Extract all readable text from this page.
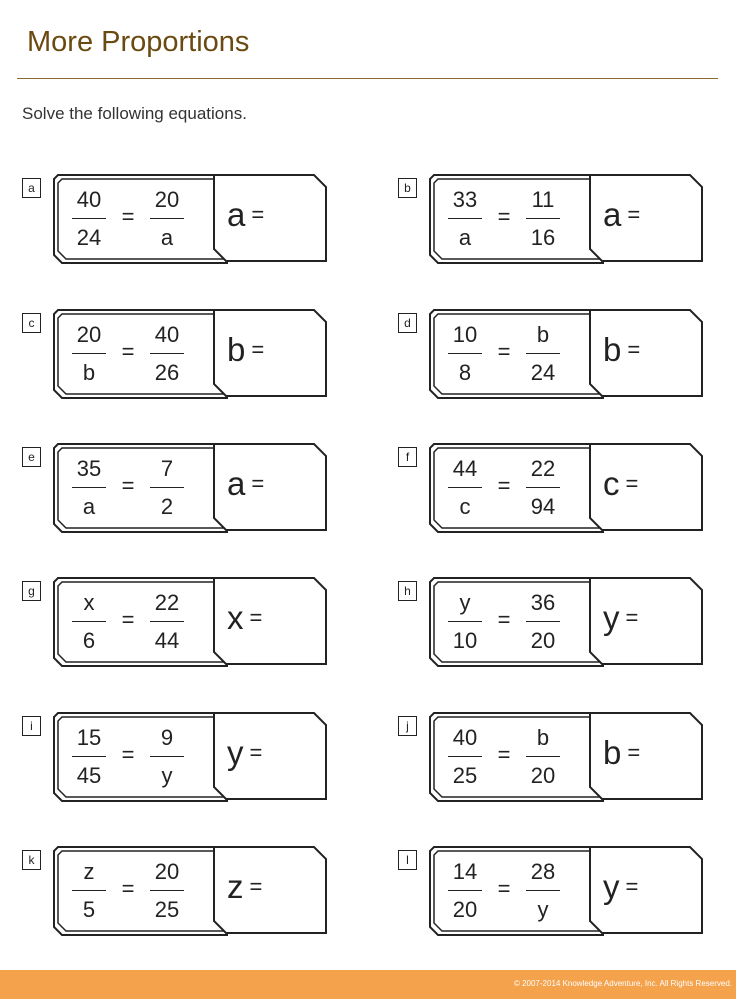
More Proportions
Solve the following equations.
a	40
24
=
20
a
a =
b	33
a
=
11
16
a =
c	20
b
=
40
26
b =
d	10
8
=
b
24
b =
e	35
a
=
7
2
a =
f	44
c
=
22
94
c =
g	x
6
=
22
44
x =
h	y
10
=
36
20
y =
i	15
45
=
9
y
y =
j	40
25
=
b
20
b =
k	z
5
=
20
25
z =
l	14
20
=
28
y
y =
© 2007-2014 Knowledge Adventure, Inc. All Rights Reserved.
